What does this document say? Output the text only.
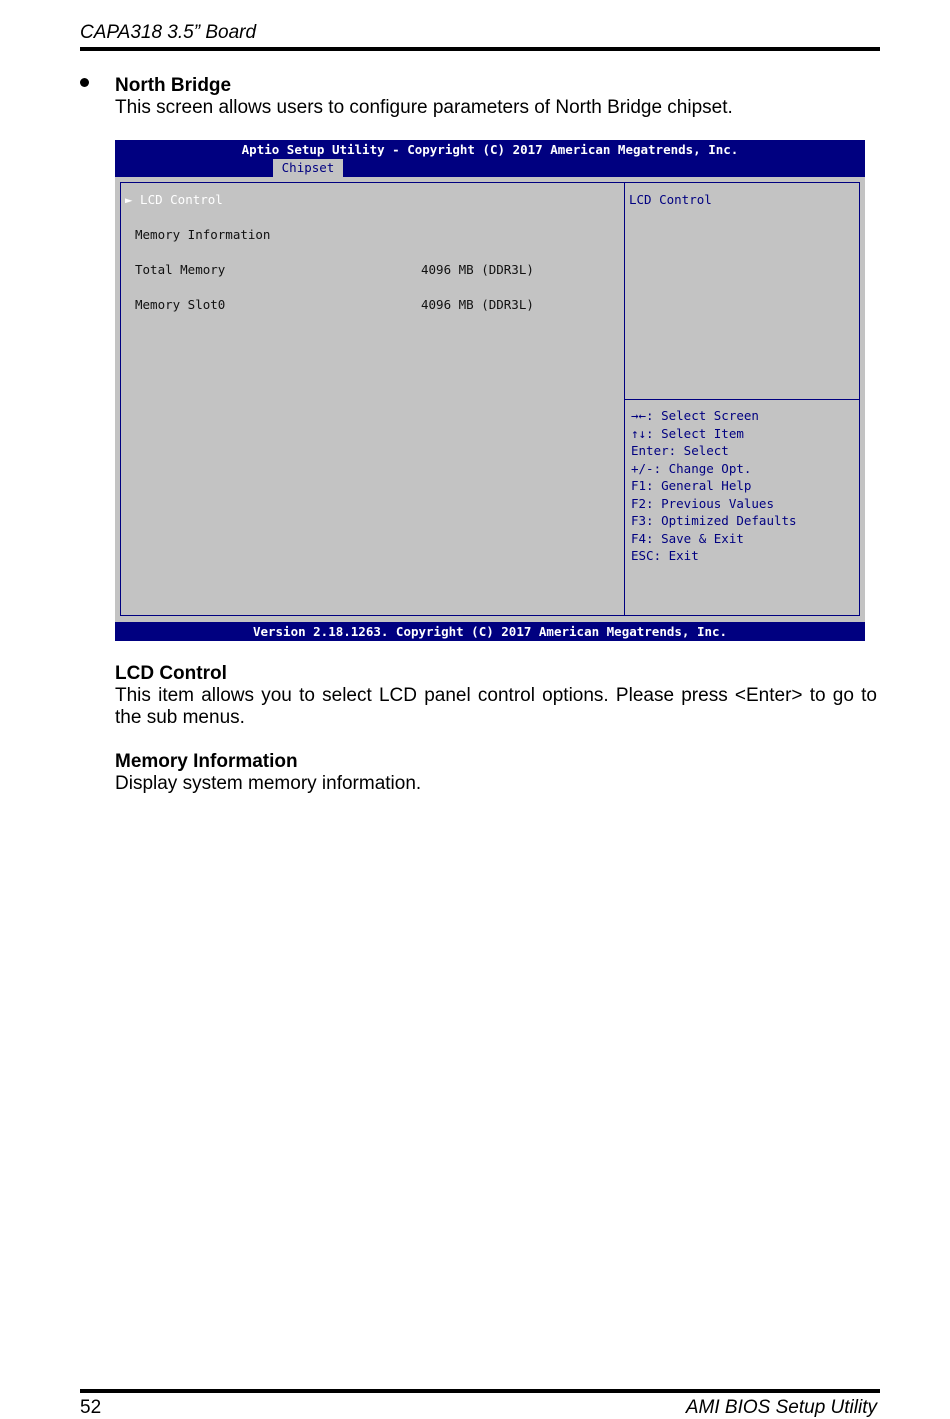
CAPA318 3.5” Board
North Bridge
This screen allows users to configure parameters of North Bridge chipset.
Aptio Setup Utility - Copyright (C) 2017 American Megatrends, Inc.
Chipset
► LCD Control
Memory Information
Total Memory	4096 MB (DDR3L)
Memory Slot0	4096 MB (DDR3L)
LCD Control
→←: Select Screen
↑↓: Select Item
Enter: Select
+/-: Change Opt.
F1: General Help
F2: Previous Values
F3: Optimized Defaults
F4: Save & Exit
ESC: Exit
Version 2.18.1263. Copyright (C) 2017 American Megatrends, Inc.
LCD Control
This item allows you to select LCD panel control options. Please press <Enter> to go to the sub menus.
Memory Information
Display system memory information.
52	AMI BIOS Setup Utility
